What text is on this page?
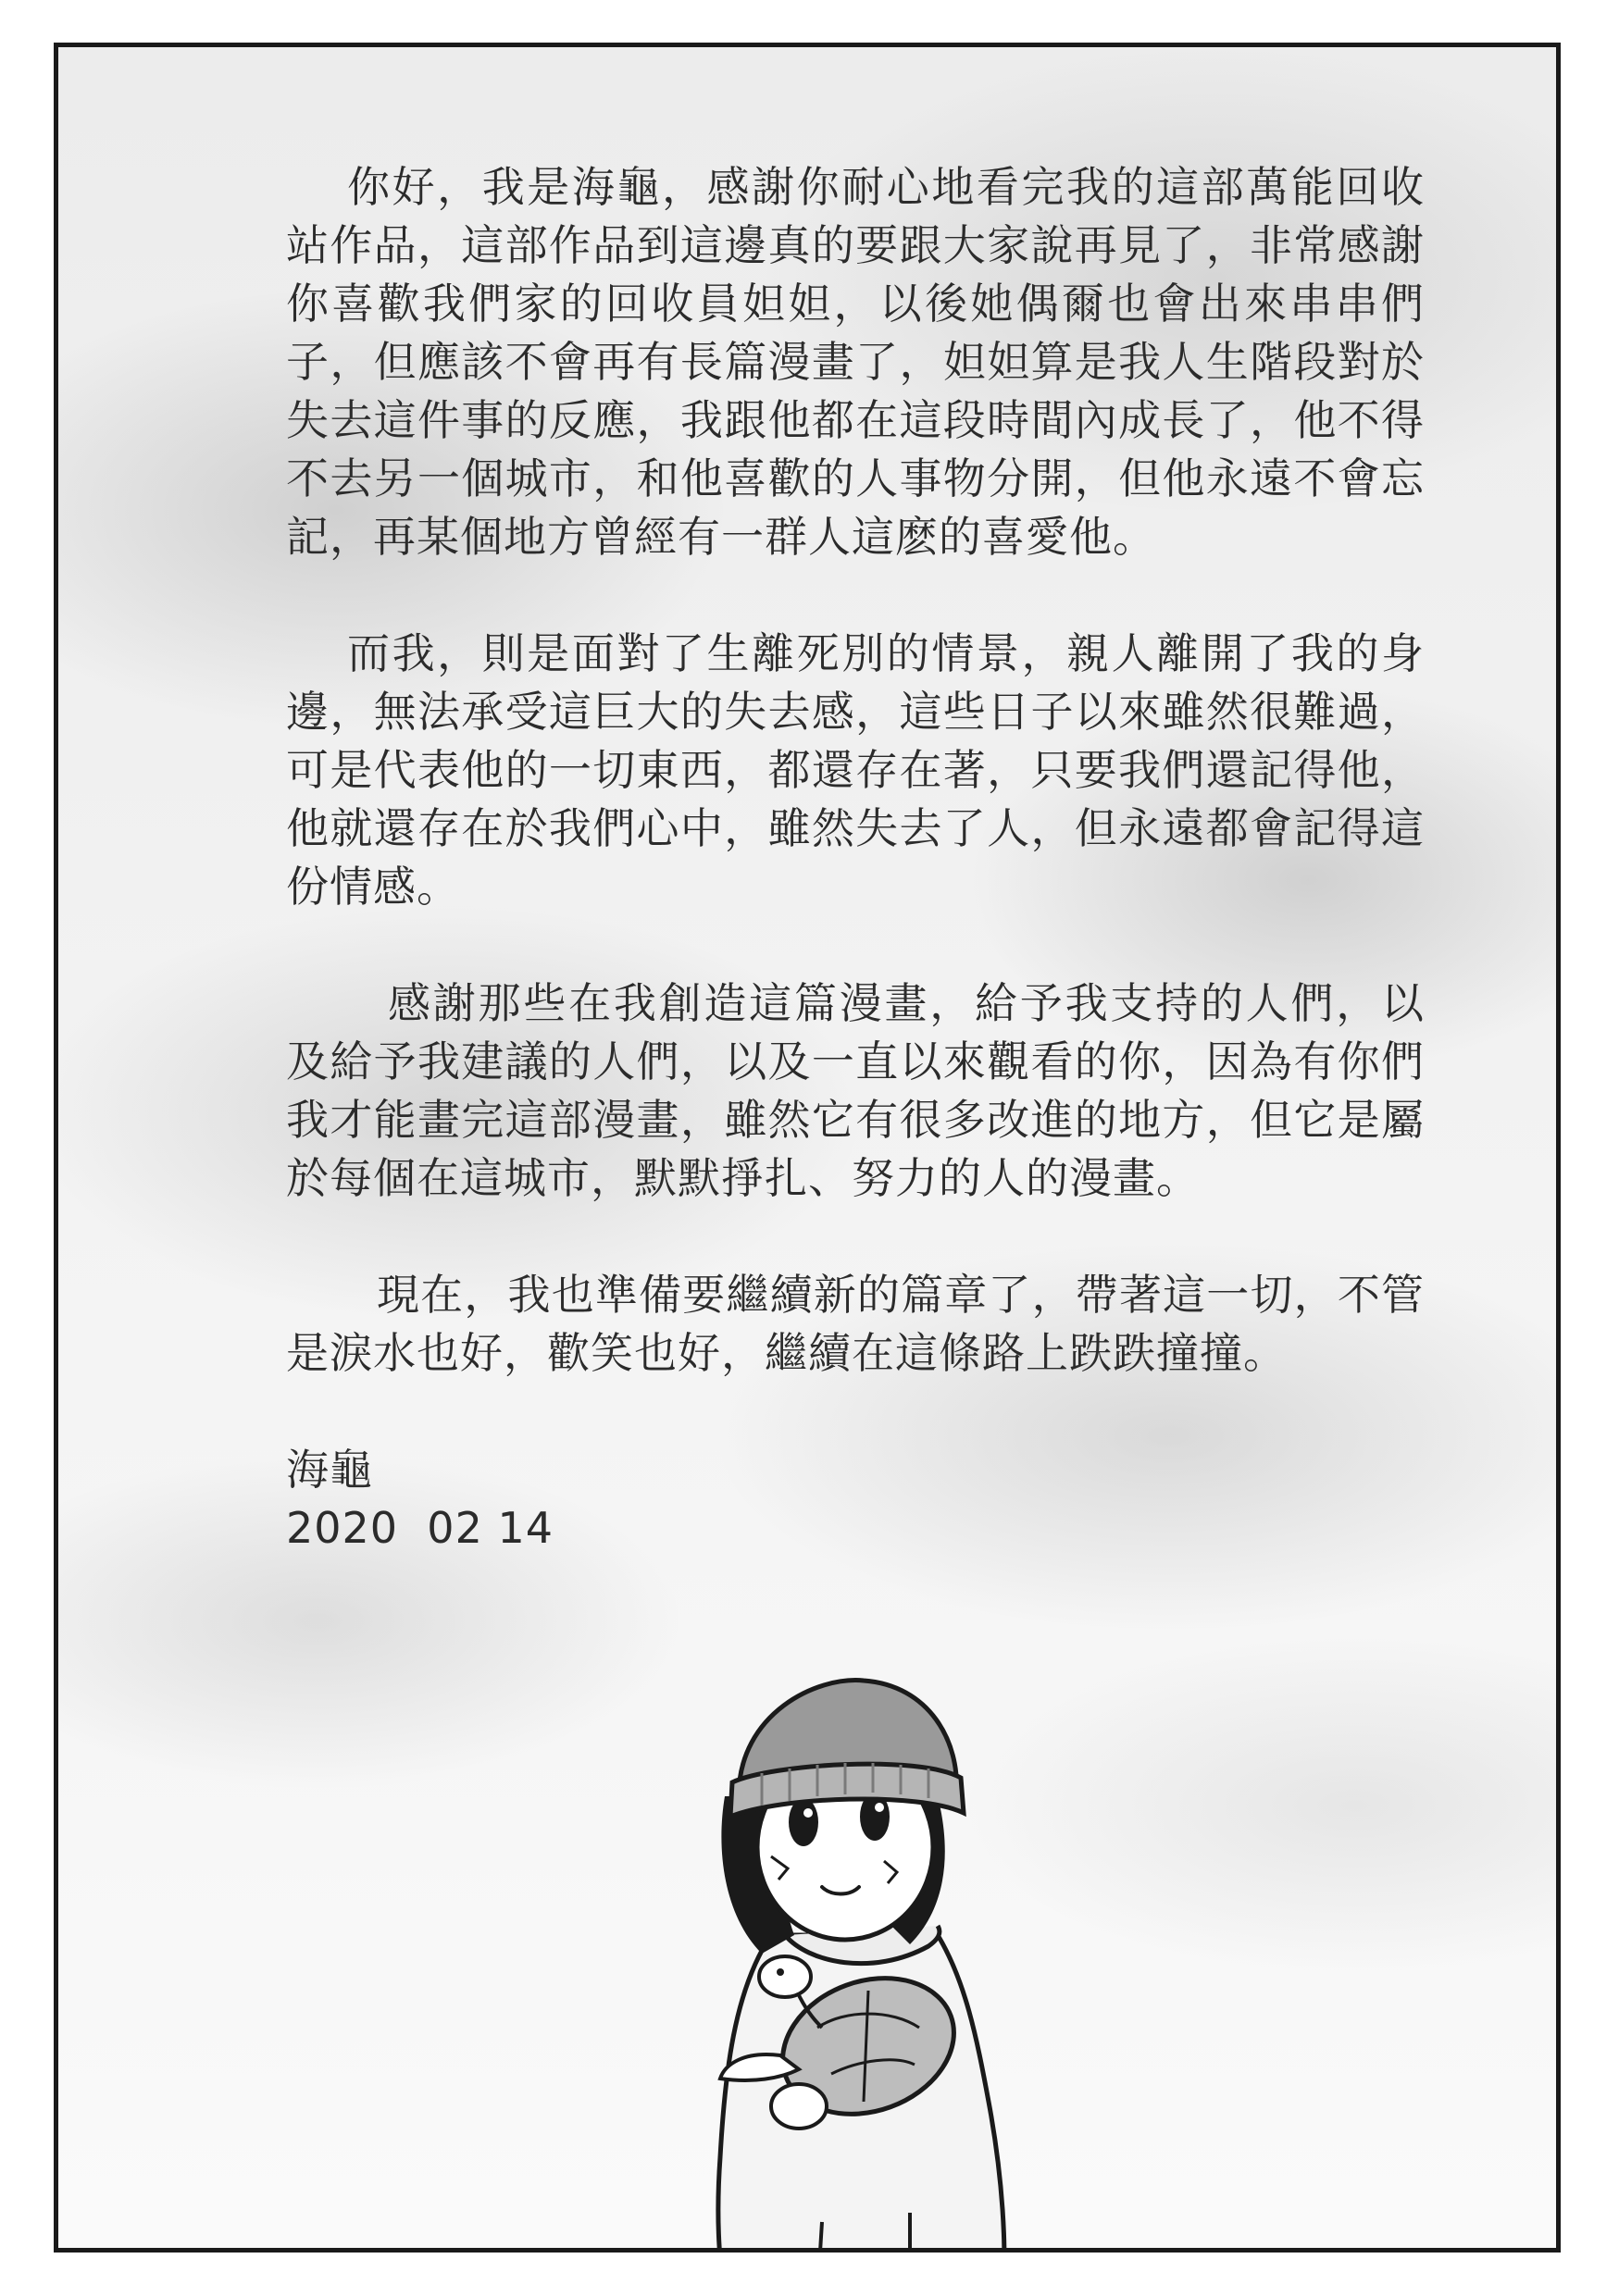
你好，我是海龜，感謝你耐心地看完我的這部萬能回收站作品，這部作品到這邊真的要跟大家說再見了，非常感謝你喜歡我們家的回收員妲妲，以後她偶爾也會出來串串們子，但應該不會再有長篇漫畫了，妲妲算是我人生階段對於失去這件事的反應，我跟他都在這段時間內成長了，他不得不去另一個城市，和他喜歡的人事物分開，但他永遠不會忘記，再某個地方曾經有一群人這麽的喜愛他。

而我，則是面對了生離死別的情景，親人離開了我的身邊，無法承受這巨大的失去感，這些日子以來雖然很難過，可是代表他的一切東西，都還存在著，只要我們還記得他，他就還存在於我們心中，雖然失去了人，但永遠都會記得這份情感。

感謝那些在我創造這篇漫畫，給予我支持的人們，以及給予我建議的人們，以及一直以來觀看的你，因為有你們我才能畫完這部漫畫，雖然它有很多改進的地方，但它是屬於每個在這城市，默默掙扎、努力的人的漫畫。

現在，我也準備要繼續新的篇章了，帶著這一切，不管是淚水也好，歡笑也好，繼續在這條路上跌跌撞撞。

海龜

2020  02 14
